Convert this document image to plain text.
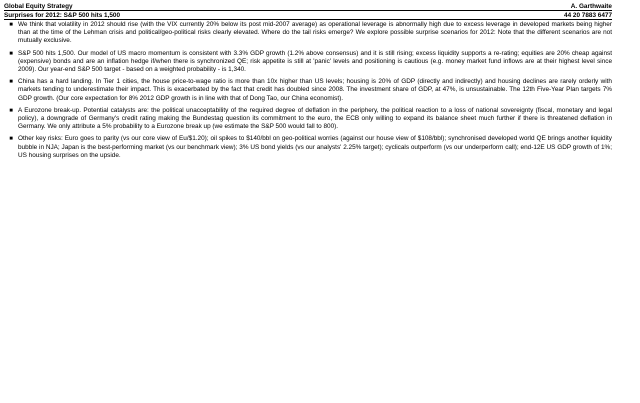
Global Equity Strategy	A. Garthwaite
Surprises for 2012: S&P 500 hits 1,500	44 20 7883 6477
■ We think that volatility in 2012 should rise (with the VIX currently 20% below its post mid-2007 average) as operational leverage is abnormally high due to excess leverage in developed markets being higher than at the time of the Lehman crisis and political/geo-political risks clearly elevated. Where do the tail risks emerge? We explore possible surprise scenarios for 2012: Note that the different scenarios are not mutually exclusive.
■ S&P 500 hits 1,500. Our model of US macro momentum is consistent with 3.3% GDP growth (1.2% above consensus) and it is still rising; excess liquidity supports a re-rating; equities are 20% cheap against (expensive) bonds and are an inflation hedge if/when there is synchronized QE; risk appetite is still at 'panic' levels and positioning is cautious (e.g. money market fund inflows are at their highest level since 2009). Our year-end S&P 500 target - based on a weighted probability - is 1,340.
■ China has a hard landing. In Tier 1 cities, the house price-to-wage ratio is more than 10x higher than US levels; housing is 20% of GDP (directly and indirectly) and housing declines are rarely orderly with markets tending to underestimate their impact. This is exacerbated by the fact that credit has doubled since 2008. The investment share of GDP, at 47%, is unsustainable. The 12th Five-Year Plan targets 7% GDP growth. (Our core expectation for 8% 2012 GDP growth is in line with that of Dong Tao, our China economist).
■ A Eurozone break-up. Potential catalysts are: the political unacceptability of the required degree of deflation in the periphery, the political reaction to a loss of national sovereignty (fiscal, monetary and legal policy), a downgrade of Germany's credit rating making the Bundestag question its commitment to the euro, the ECB only willing to expand its balance sheet much further if there is threatened deflation in Germany. We only attribute a 5% probability to a Eurozone break up (we estimate the S&P 500 would fall to 800).
■ Other key risks: Euro goes to parity (vs our core view of Eu/$1.20); oil spikes to $140/bbl on geo-political worries (against our house view of $108/bbl); synchronised developed world QE brings another liquidity bubble in NJA; Japan is the best-performing market (vs our benchmark view); 3% US bond yields (vs our analysts' 2.25% target); cyclicals outperform (vs our underperform call); end-12E US GDP growth of 1%; US housing surprises on the upside.
